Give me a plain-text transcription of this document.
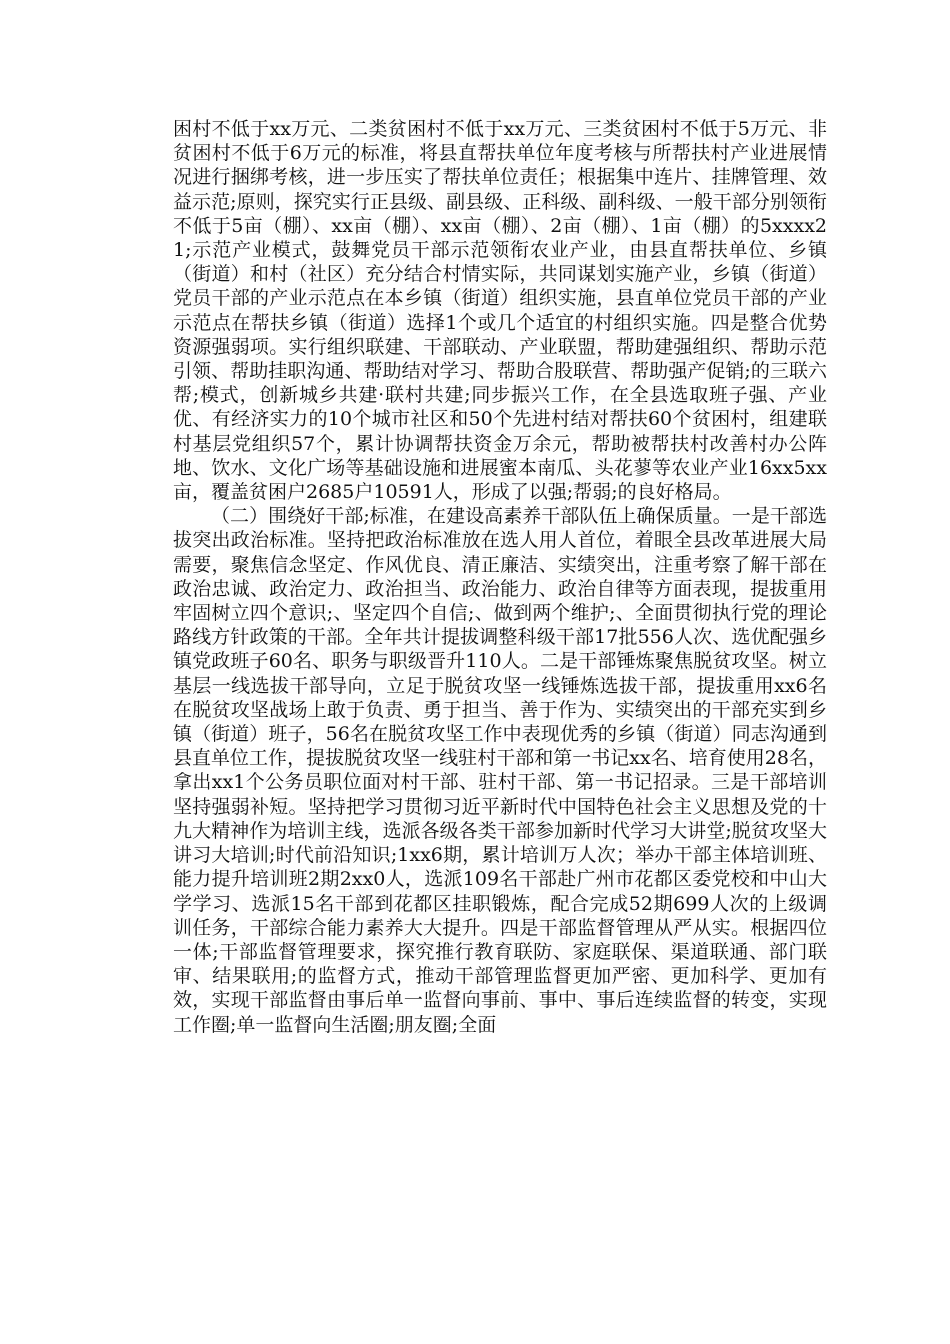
困村不低于xx万元、二类贫困村不低于xx万元、三类贫困村不低于5万元、非贫困村不低于6万元的标准，将县直帮扶单位年度考核与所帮扶村产业进展情况进行捆绑考核，进一步压实了帮扶单位责任；根据集中连片、挂牌管理、效益示范;原则，探究实行正县级、副县级、正科级、副科级、一般干部分别领衔不低于5亩（棚）、xx亩（棚）、xx亩（棚）、2亩（棚）、1亩（棚）的5xxxx21;示范产业模式，鼓舞党员干部示范领衔农业产业，由县直帮扶单位、乡镇（街道）和村（社区）充分结合村情实际，共同谋划实施产业，乡镇（街道）党员干部的产业示范点在本乡镇（街道）组织实施，县直单位党员干部的产业示范点在帮扶乡镇（街道）选择1个或几个适宜的村组织实施。四是整合优势资源强弱项。实行组织联建、干部联动、产业联盟，帮助建强组织、帮助示范引领、帮助挂职沟通、帮助结对学习、帮助合股联营、帮助强产促销;的三联六帮;模式，创新城乡共建·联村共建;同步振兴工作，在全县选取班子强、产业优、有经济实力的10个城市社区和50个先进村结对帮扶60个贫困村，组建联村基层党组织57个，累计协调帮扶资金万余元，帮助被帮扶村改善村办公阵地、饮水、文化广场等基础设施和进展蜜本南瓜、头花蓼等农业产业16xx5xx亩，覆盖贫困户2685户10591人，形成了以强;帮弱;的良好格局。

（二）围绕好干部;标准，在建设高素养干部队伍上确保质量。一是干部选拔突出政治标准。坚持把政治标准放在选人用人首位，着眼全县改革进展大局需要，聚焦信念坚定、作风优良、清正廉洁、实绩突出，注重考察了解干部在政治忠诚、政治定力、政治担当、政治能力、政治自律等方面表现，提拔重用牢固树立四个意识;、坚定四个自信;、做到两个维护;、全面贯彻执行党的理论路线方针政策的干部。全年共计提拔调整科级干部17批556人次、选优配强乡镇党政班子60名、职务与职级晋升110人。二是干部锤炼聚焦脱贫攻坚。树立基层一线选拔干部导向，立足于脱贫攻坚一线锤炼选拔干部，提拔重用xx6名在脱贫攻坚战场上敢于负责、勇于担当、善于作为、实绩突出的干部充实到乡镇（街道）班子，56名在脱贫攻坚工作中表现优秀的乡镇（街道）同志沟通到县直单位工作，提拔脱贫攻坚一线驻村干部和第一书记xx名、培育使用28名，拿出xx1个公务员职位面对村干部、驻村干部、第一书记招录。三是干部培训坚持强弱补短。坚持把学习贯彻习近平新时代中国特色社会主义思想及党的十九大精神作为培训主线，选派各级各类干部参加新时代学习大讲堂;脱贫攻坚大讲习大培训;时代前沿知识;1xx6期，累计培训万人次；举办干部主体培训班、能力提升培训班2期2xx0人，选派109名干部赴广州市花都区委党校和中山大学学习、选派15名干部到花都区挂职锻炼，配合完成52期699人次的上级调训任务，干部综合能力素养大大提升。四是干部监督管理从严从实。根据四位一体;干部监督管理要求，探究推行教育联防、家庭联保、渠道联通、部门联审、结果联用;的监督方式，推动干部管理监督更加严密、更加科学、更加有效，实现干部监督由事后单一监督向事前、事中、事后连续监督的转变，实现工作圈;单一监督向生活圈;朋友圈;全面
